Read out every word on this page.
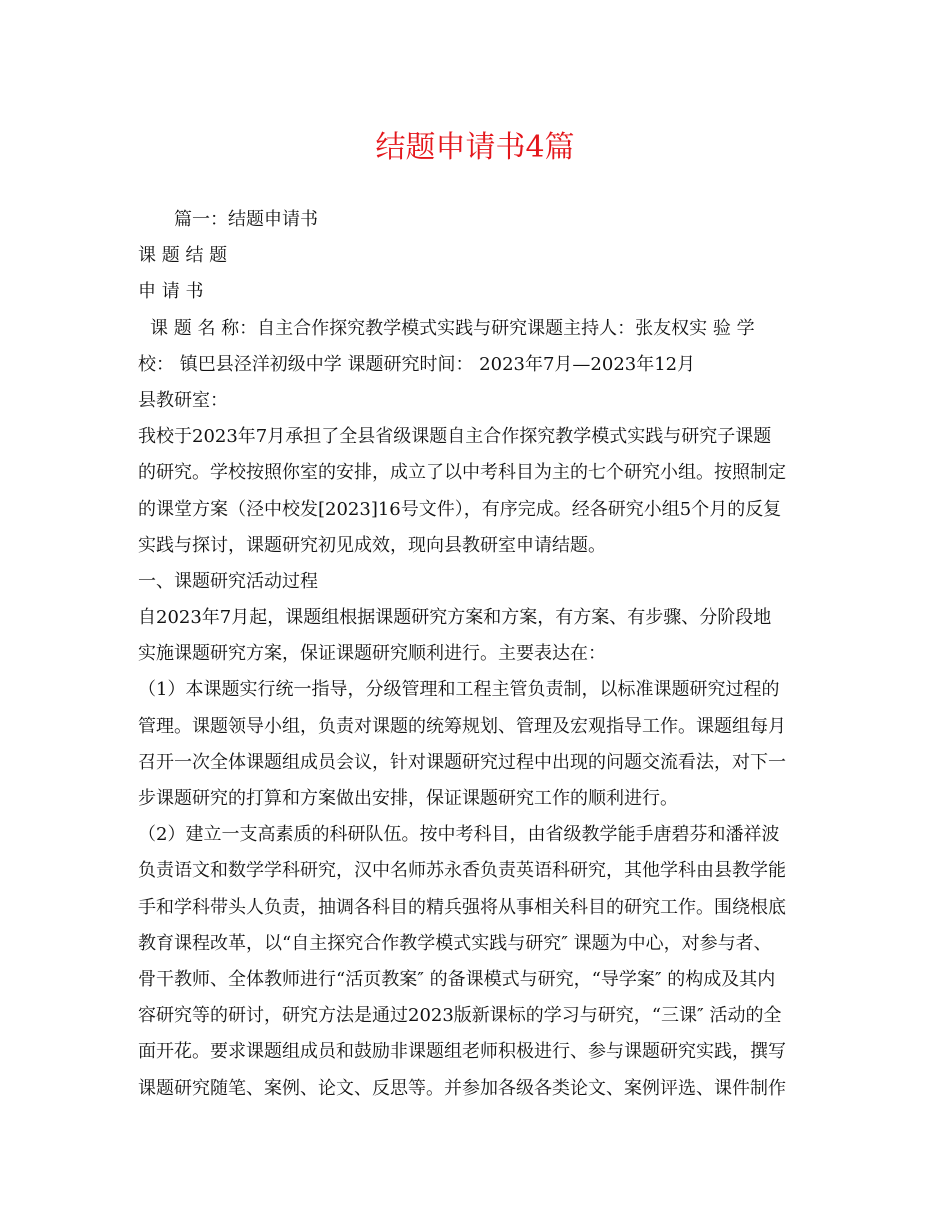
结题申请书4篇

篇一：结题申请书

课 题 结 题

申 请 书

课 题 名 称：自主合作探究教学模式实践与研究课题主持人：张友权实 验 学

校： 镇巴县泾洋初级中学 课题研究时间： 2023年7月—2023年12月

县教研室：

我校于2023年7月承担了全县省级课题自主合作探究教学模式实践与研究子课题

的研究。学校按照你室的安排，成立了以中考科目为主的七个研究小组。按照制定

的课堂方案（泾中校发[2023]16号文件），有序完成。经各研究小组5个月的反复

实践与探讨，课题研究初见成效，现向县教研室申请结题。

一、课题研究活动过程

自2023年7月起，课题组根据课题研究方案和方案，有方案、有步骤、分阶段地

实施课题研究方案，保证课题研究顺利进行。主要表达在：

（1）本课题实行统一指导，分级管理和工程主管负责制，以标准课题研究过程的

管理。课题领导小组，负责对课题的统筹规划、管理及宏观指导工作。课题组每月

召开一次全体课题组成员会议，针对课题研究过程中出现的问题交流看法，对下一

步课题研究的打算和方案做出安排，保证课题研究工作的顺利进行。

（2）建立一支高素质的科研队伍。按中考科目，由省级教学能手唐碧芬和潘祥波

负责语文和数学学科研究，汉中名师苏永香负责英语科研究，其他学科由县教学能

手和学科带头人负责，抽调各科目的精兵强将从事相关科目的研究工作。围绕根底

教育课程改革，以“自主探究合作教学模式实践与研究″ 课题为中心，对参与者、

骨干教师、全体教师进行“活页教案″ 的备课模式与研究，“导学案″ 的构成及其内

容研究等的研讨，研究方法是通过2023版新课标的学习与研究，“三课″ 活动的全

面开花。要求课题组成员和鼓励非课题组老师积极进行、参与课题研究实践，撰写

课题研究随笔、案例、论文、反思等。并参加各级各类论文、案例评选、课件制作
